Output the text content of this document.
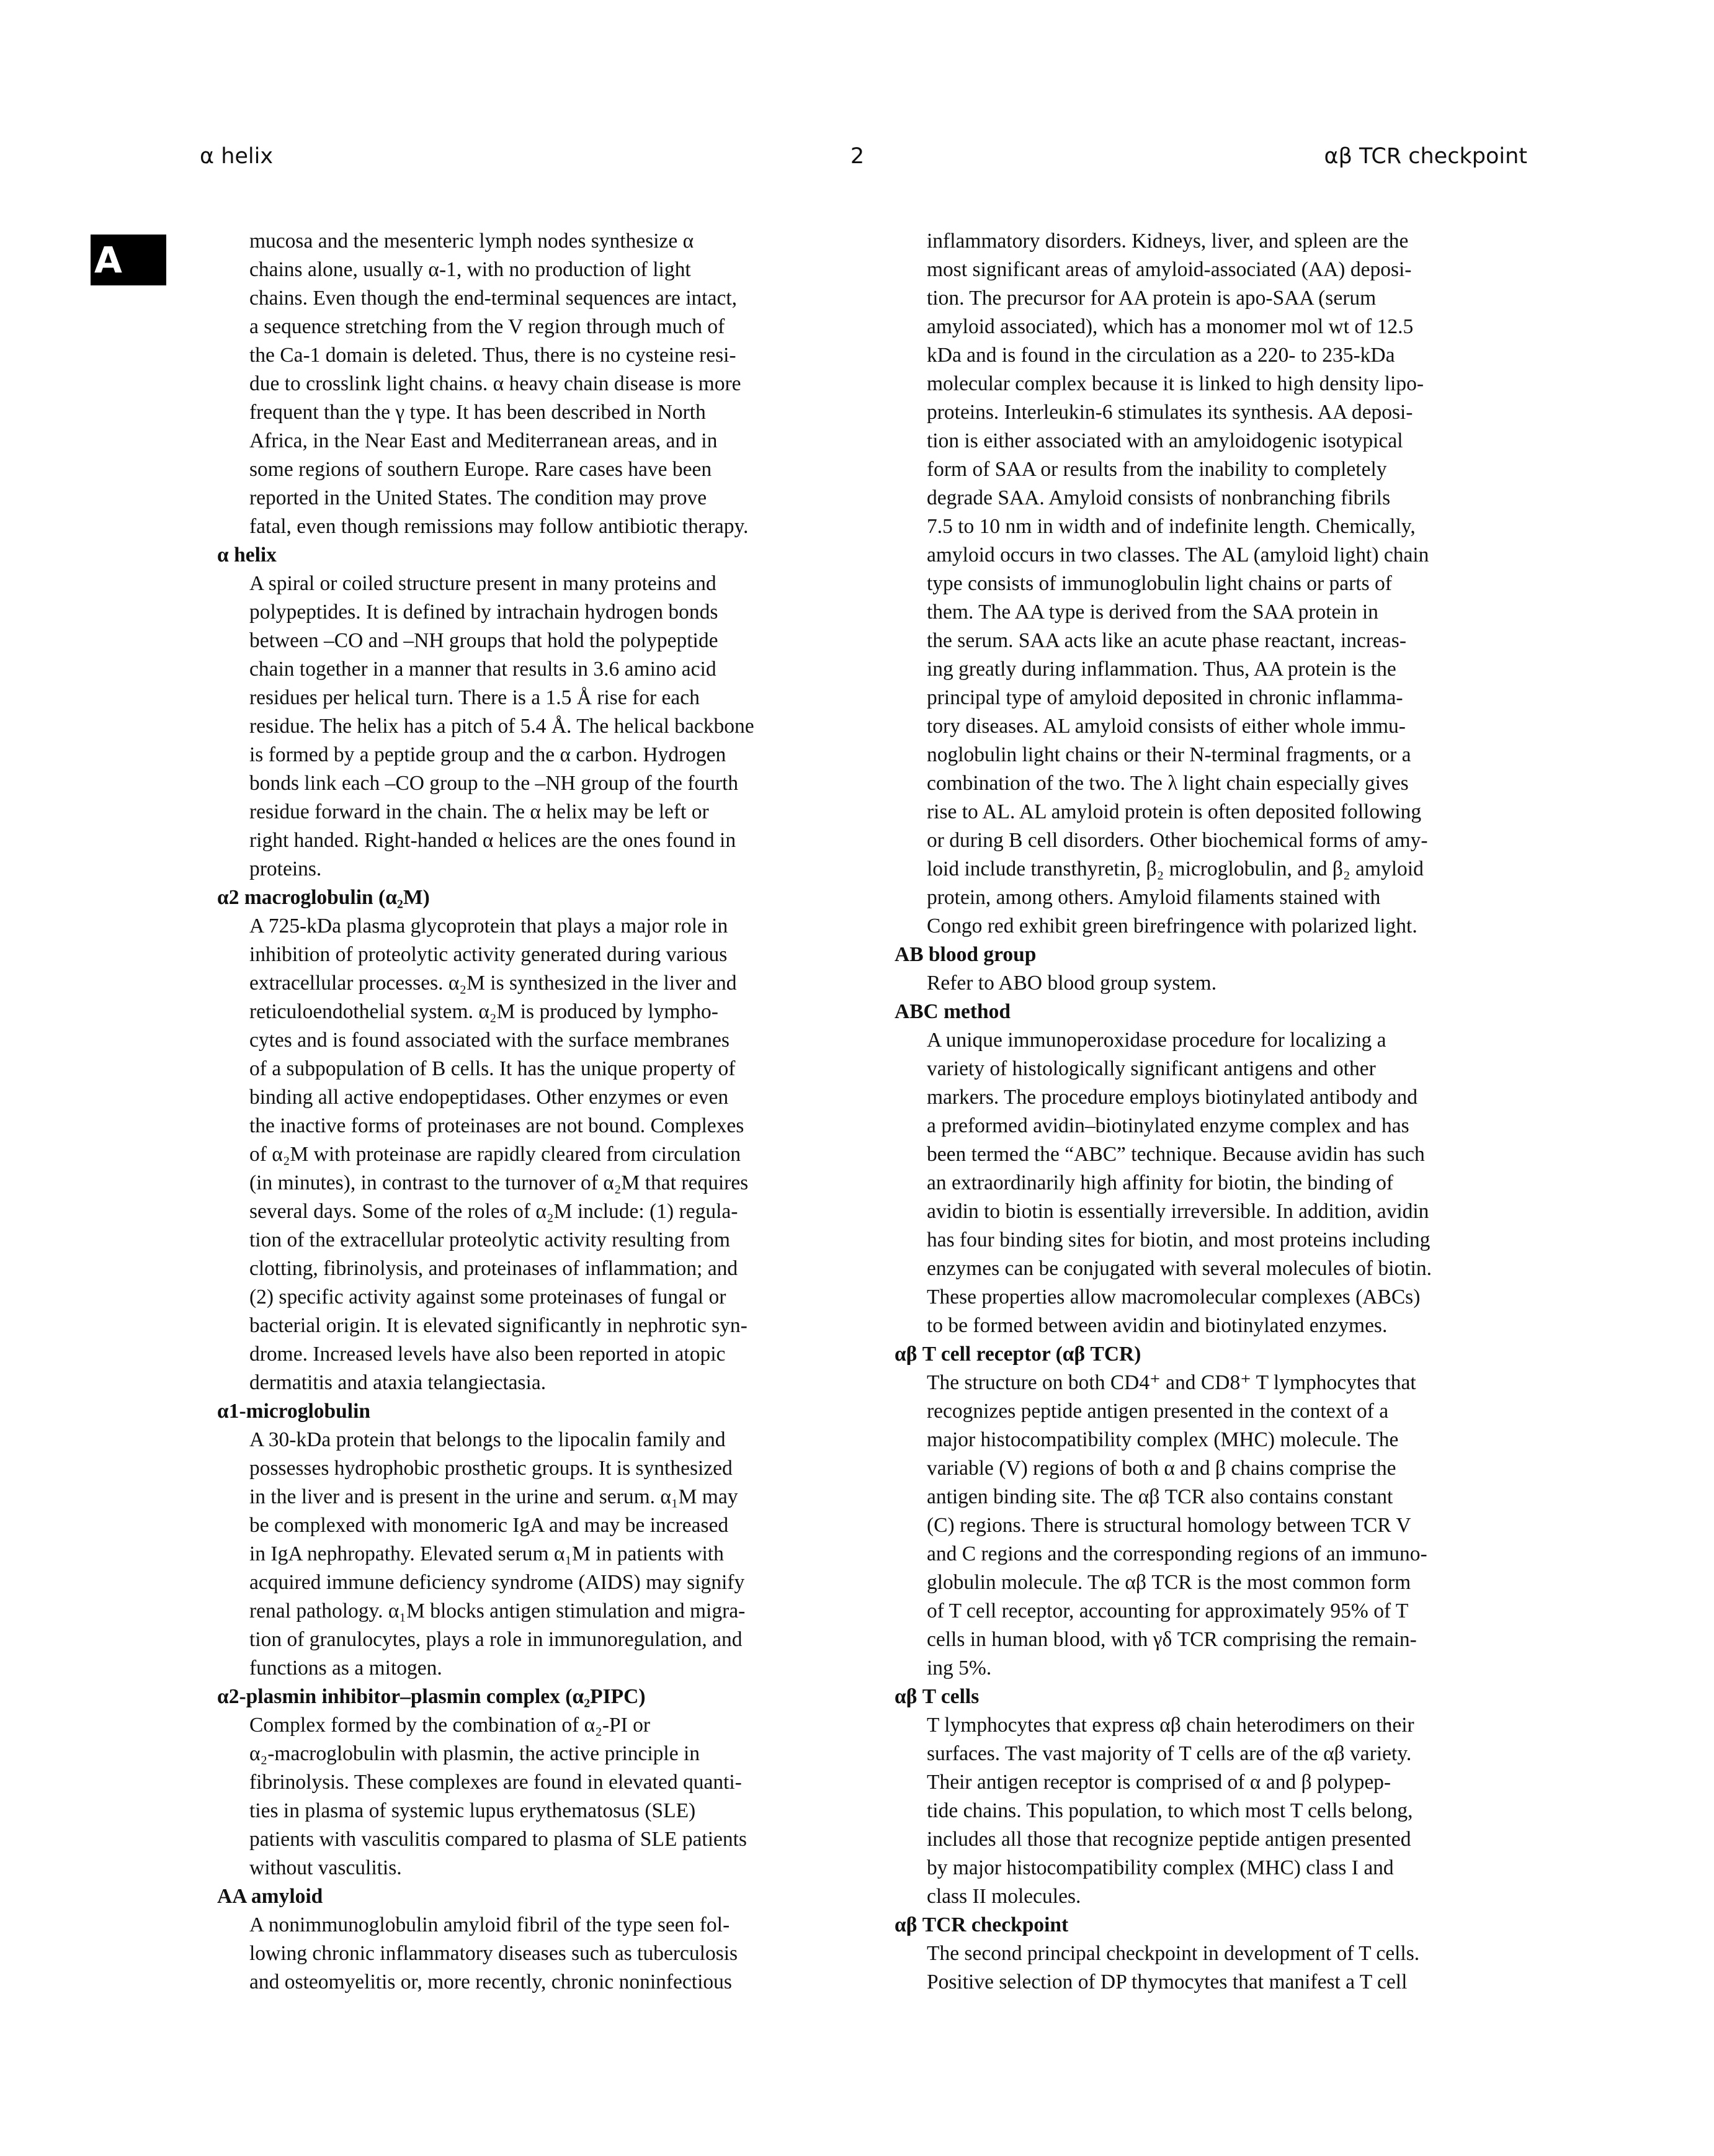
α helix	2	αβ TCR checkpoint
A	mucosa and the mesenteric lymph nodes synthesize α
chains alone, usually α-1, with no production of light
chains. Even though the end-terminal sequences are intact,
a sequence stretching from the V region through much of
the Ca-1 domain is deleted. Thus, there is no cysteine resi-
due to crosslink light chains. α heavy chain disease is more
frequent than the γ type. It has been described in North
Africa, in the Near East and Mediterranean areas, and in
some regions of southern Europe. Rare cases have been
reported in the United States. The condition may prove
fatal, even though remissions may follow antibiotic therapy.

α helix

A spiral or coiled structure present in many proteins and
polypeptides. It is defined by intrachain hydrogen bonds
between –CO and –NH groups that hold the polypeptide
chain together in a manner that results in 3.6 amino acid
residues per helical turn. There is a 1.5 Å rise for each
residue. The helix has a pitch of 5.4 Å. The helical backbone
is formed by a peptide group and the α carbon. Hydrogen
bonds link each –CO group to the –NH group of the fourth
residue forward in the chain. The α helix may be left or
right handed. Right-handed α helices are the ones found in
proteins.

α2 macroglobulin (α₂M)

A 725-kDa plasma glycoprotein that plays a major role in
inhibition of proteolytic activity generated during various
extracellular processes. α₂M is synthesized in the liver and
reticuloendothelial system. α₂M is produced by lympho-
cytes and is found associated with the surface membranes
of a subpopulation of B cells. It has the unique property of
binding all active endopeptidases. Other enzymes or even
the inactive forms of proteinases are not bound. Complexes
of α₂M with proteinase are rapidly cleared from circulation
(in minutes), in contrast to the turnover of α₂M that requires
several days. Some of the roles of α₂M include: (1) regula-
tion of the extracellular proteolytic activity resulting from
clotting, fibrinolysis, and proteinases of inflammation; and
(2) specific activity against some proteinases of fungal or
bacterial origin. It is elevated significantly in nephrotic syn-
drome. Increased levels have also been reported in atopic
dermatitis and ataxia telangiectasia.

α1-microglobulin

A 30-kDa protein that belongs to the lipocalin family and
possesses hydrophobic prosthetic groups. It is synthesized
in the liver and is present in the urine and serum. α₁M may
be complexed with monomeric IgA and may be increased
in IgA nephropathy. Elevated serum α₁M in patients with
acquired immune deficiency syndrome (AIDS) may signify
renal pathology. α₁M blocks antigen stimulation and migra-
tion of granulocytes, plays a role in immunoregulation, and
functions as a mitogen.

α2-plasmin inhibitor–plasmin complex (α₂PIPC)

Complex formed by the combination of α₂-PI or
α₂-macroglobulin with plasmin, the active principle in
fibrinolysis. These complexes are found in elevated quanti-
ties in plasma of systemic lupus erythematosus (SLE)
patients with vasculitis compared to plasma of SLE patients
without vasculitis.

AA amyloid

A nonimmunoglobulin amyloid fibril of the type seen fol-
lowing chronic inflammatory diseases such as tuberculosis
and osteomyelitis or, more recently, chronic noninfectious

inflammatory disorders. Kidneys, liver, and spleen are the
most significant areas of amyloid-associated (AA) deposi-
tion. The precursor for AA protein is apo-SAA (serum
amyloid associated), which has a monomer mol wt of 12.5
kDa and is found in the circulation as a 220- to 235-kDa
molecular complex because it is linked to high density lipo-
proteins. Interleukin-6 stimulates its synthesis. AA deposi-
tion is either associated with an amyloidogenic isotypical
form of SAA or results from the inability to completely
degrade SAA. Amyloid consists of nonbranching fibrils
7.5 to 10 nm in width and of indefinite length. Chemically,
amyloid occurs in two classes. The AL (amyloid light) chain
type consists of immunoglobulin light chains or parts of
them. The AA type is derived from the SAA protein in
the serum. SAA acts like an acute phase reactant, increas-
ing greatly during inflammation. Thus, AA protein is the
principal type of amyloid deposited in chronic inflamma-
tory diseases. AL amyloid consists of either whole immu-
noglobulin light chains or their N-terminal fragments, or a
combination of the two. The λ light chain especially gives
rise to AL. AL amyloid protein is often deposited following
or during B cell disorders. Other biochemical forms of amy-
loid include transthyretin, β₂ microglobulin, and β₂ amyloid
protein, among others. Amyloid filaments stained with
Congo red exhibit green birefringence with polarized light.

AB blood group

Refer to ABO blood group system.

ABC method

A unique immunoperoxidase procedure for localizing a
variety of histologically significant antigens and other
markers. The procedure employs biotinylated antibody and
a preformed avidin–biotinylated enzyme complex and has
been termed the “ABC” technique. Because avidin has such
an extraordinarily high affinity for biotin, the binding of
avidin to biotin is essentially irreversible. In addition, avidin
has four binding sites for biotin, and most proteins including
enzymes can be conjugated with several molecules of biotin.
These properties allow macromolecular complexes (ABCs)
to be formed between avidin and biotinylated enzymes.

αβ T cell receptor (αβ TCR)

The structure on both CD4⁺ and CD8⁺ T lymphocytes that
recognizes peptide antigen presented in the context of a
major histocompatibility complex (MHC) molecule. The
variable (V) regions of both α and β chains comprise the
antigen binding site. The αβ TCR also contains constant
(C) regions. There is structural homology between TCR V
and C regions and the corresponding regions of an immuno-
globulin molecule. The αβ TCR is the most common form
of T cell receptor, accounting for approximately 95% of T
cells in human blood, with γδ TCR comprising the remain-
ing 5%.

αβ T cells

T lymphocytes that express αβ chain heterodimers on their
surfaces. The vast majority of T cells are of the αβ variety.
Their antigen receptor is comprised of α and β polypep-
tide chains. This population, to which most T cells belong,
includes all those that recognize peptide antigen presented
by major histocompatibility complex (MHC) class I and
class II molecules.

αβ TCR checkpoint

The second principal checkpoint in development of T cells.
Positive selection of DP thymocytes that manifest a T cell
